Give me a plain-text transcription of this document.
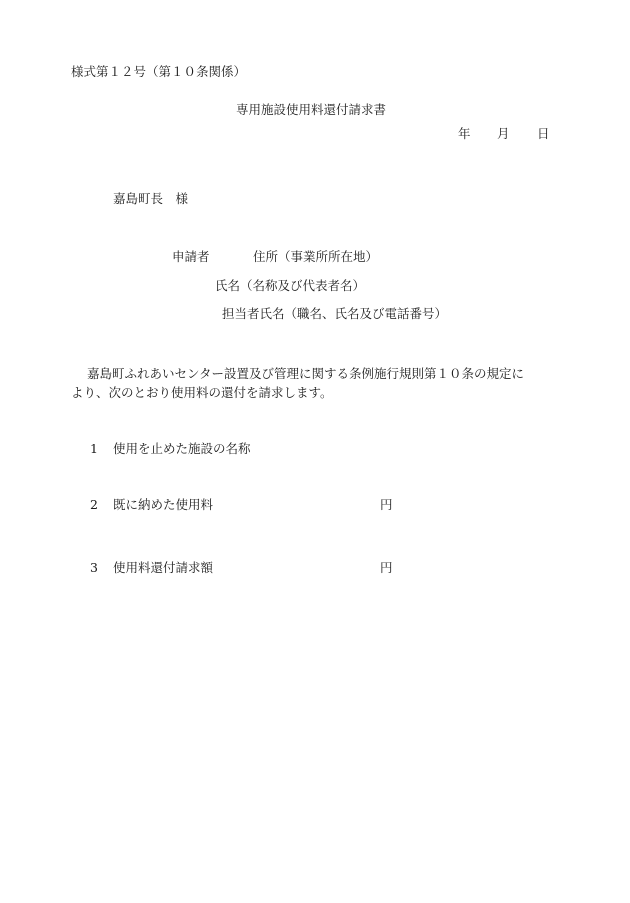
様式第１２号（第１０条関係）
専用施設使用料還付請求書
年 月 日
嘉島町長　様
申請者	住所（事業所所在地）
氏名（名称及び代表者名）
担当者氏名（職名、氏名及び電話番号）
嘉島町ふれあいセンター設置及び管理に関する条例施行規則第１０条の規定に
より、次のとおり使用料の還付を請求します。
1 使用を止めた施設の名称
2 既に納めた使用料	円
3 使用料還付請求額	円
